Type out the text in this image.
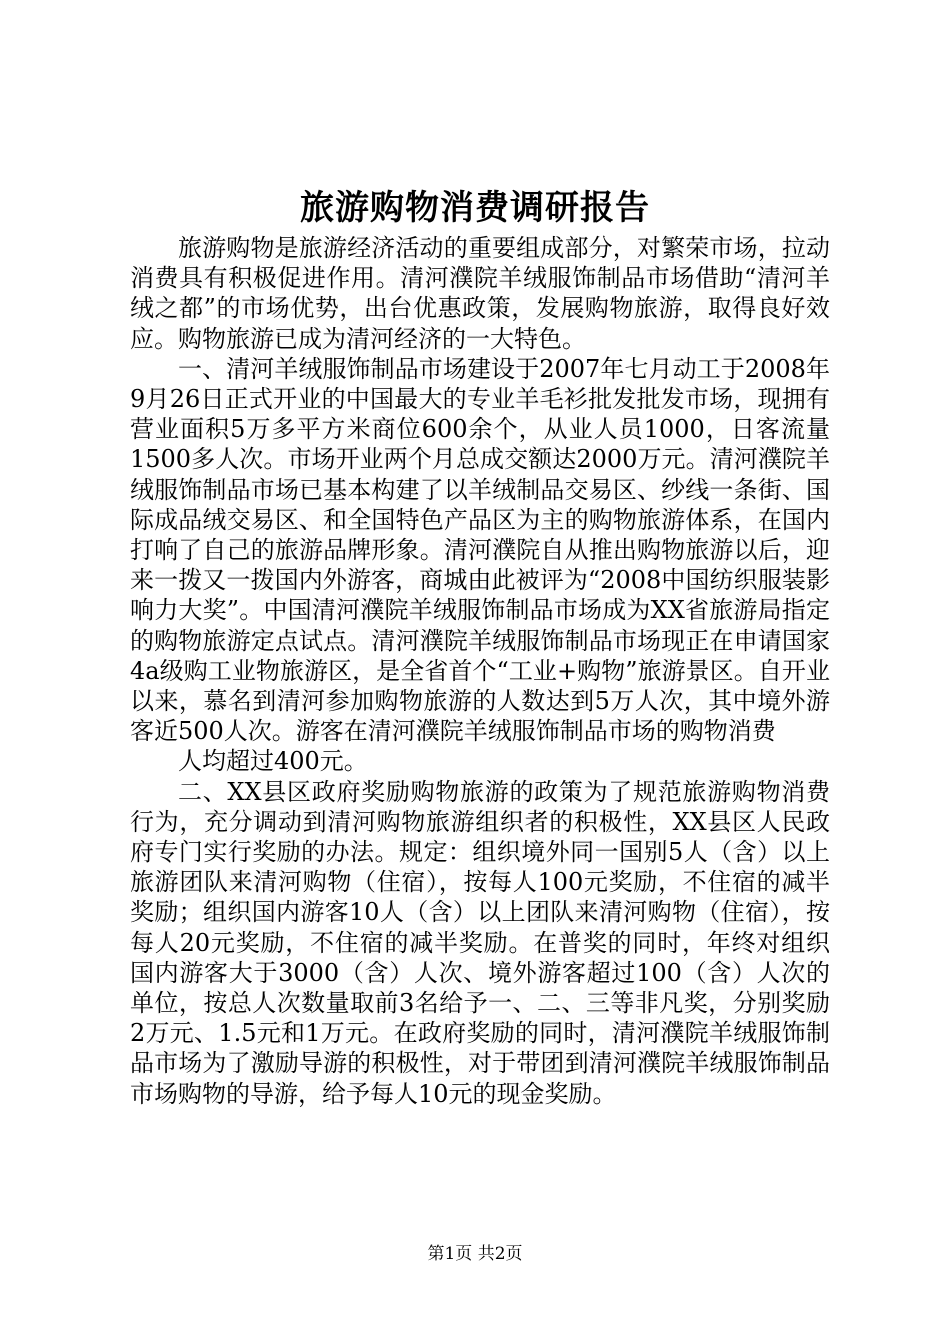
旅游购物消费调研报告

旅游购物是旅游经济活动的重要组成部分，对繁荣市场，拉动消费具有积极促进作用。清河濮院羊绒服饰制品市场借助“清河羊绒之都”的市场优势，出台优惠政策，发展购物旅游，取得良好效应。购物旅游已成为清河经济的一大特色。

一、清河羊绒服饰制品市场建设于2007年七月动工于2008年9月26日正式开业的中国最大的专业羊毛衫批发批发市场，现拥有营业面积5万多平方米商位600余个，从业人员1000，日客流量1500多人次。市场开业两个月总成交额达2000万元。清河濮院羊绒服饰制品市场已基本构建了以羊绒制品交易区、纱线一条街、国际成品绒交易区、和全国特色产品区为主的购物旅游体系，在国内打响了自己的旅游品牌形象。清河濮院自从推出购物旅游以后，迎来一拨又一拨国内外游客，商城由此被评为“2008中国纺织服装影响力大奖”。中国清河濮院羊绒服饰制品市场成为XX省旅游局指定的购物旅游定点试点。清河濮院羊绒服饰制品市场现正在申请国家4a级购工业物旅游区，是全省首个“工业+购物”旅游景区。自开业以来，慕名到清河参加购物旅游的人数达到5万人次，其中境外游客近500人次。游客在清河濮院羊绒服饰制品市场的购物消费

人均超过400元。

二、XX县区政府奖励购物旅游的政策为了规范旅游购物消费行为，充分调动到清河购物旅游组织者的积极性，XX县区人民政府专门实行奖励的办法。规定：组织境外同一国别5人（含）以上旅游团队来清河购物（住宿），按每人100元奖励，不住宿的减半奖励；组织国内游客10人（含）以上团队来清河购物（住宿），按每人20元奖励，不住宿的减半奖励。在普奖的同时，年终对组织国内游客大于3000（含）人次、境外游客超过100（含）人次的单位，按总人次数量取前3名给予一、二、三等非凡奖，分别奖励2万元、1.5元和1万元。在政府奖励的同时，清河濮院羊绒服饰制品市场为了激励导游的积极性，对于带团到清河濮院羊绒服饰制品市场购物的导游，给予每人10元的现金奖励。

第1页 共2页
